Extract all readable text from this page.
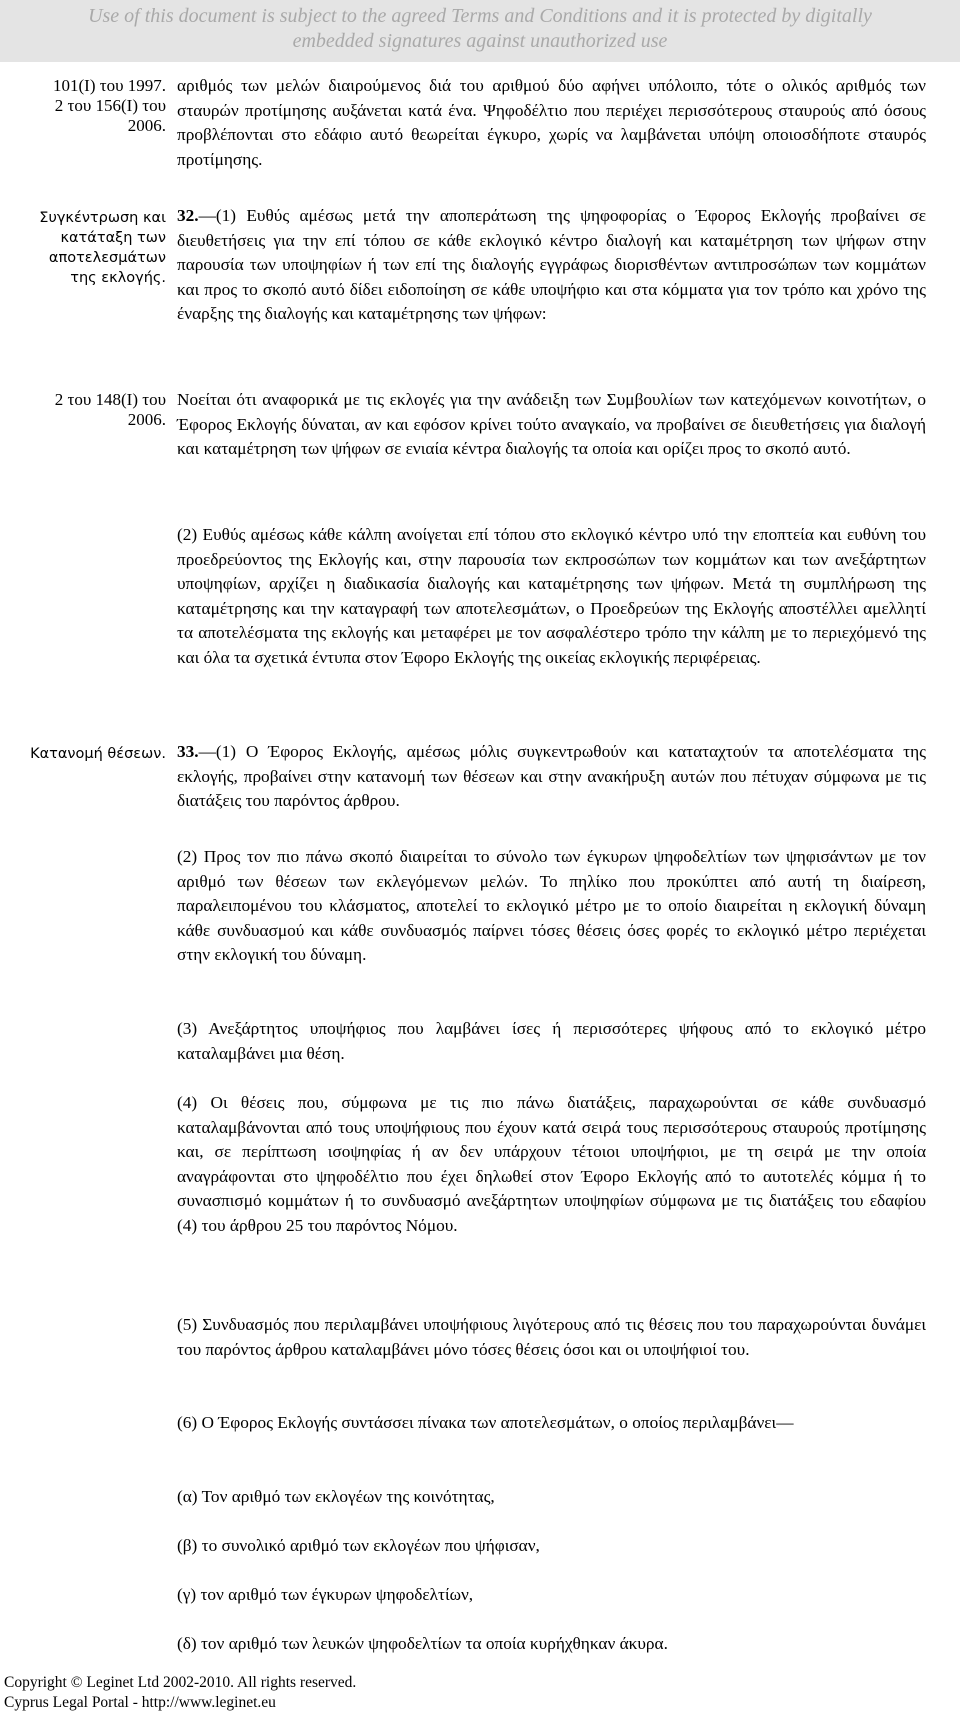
Use of this document is subject to the agreed Terms and Conditions and it is protected by digitally
embedded signatures against unauthorized use
101(Ι) του 1997.
2 του 156(Ι) του
2006.
αριθμός των μελών διαιρούμενος διά του αριθμού δύο αφήνει υπόλοιπο, τότε ο ολικός αριθμός των σταυρών προτίμησης αυξάνεται κατά ένα. Ψηφοδέλτιο που περιέχει περισσότερους σταυρούς από όσους προβλέπονται στο εδάφιο αυτό θεωρείται έγκυρο, χωρίς να λαμβάνεται υπόψη οποιοσδήποτε σταυρός προτίμησης.
Συγκέντρωση και
κατάταξη των
αποτελεσμάτων
της εκλογής.
32.—(1) Ευθύς αμέσως μετά την αποπεράτωση της ψηφοφορίας ο Έφορος Εκλογής προβαίνει σε διευθετήσεις για την επί τόπου σε κάθε εκλογικό κέντρο διαλογή και καταμέτρηση των ψήφων στην παρουσία των υποψηφίων ή των επί της διαλογής εγγράφως διορισθέντων αντιπροσώπων των κομμάτων και προς το σκοπό αυτό δίδει ειδοποίηση σε κάθε υποψήφιο και στα κόμματα για τον τρόπο και χρόνο της έναρξης της διαλογής και καταμέτρησης των ψήφων:
2 του 148(Ι) του
2006.
Νοείται ότι αναφορικά με τις εκλογές για την ανάδειξη των Συμβουλίων των κατεχόμενων κοινοτήτων, ο Έφορος Εκλογής δύναται, αν και εφόσον κρίνει τούτο αναγκαίο, να προβαίνει σε διευθετήσεις για διαλογή και καταμέτρηση των ψήφων σε ενιαία κέντρα διαλογής τα οποία και ορίζει προς το σκοπό αυτό.
(2) Ευθύς αμέσως κάθε κάλπη ανοίγεται επί τόπου στο εκλογικό κέντρο υπό την εποπτεία και ευθύνη του προεδρεύοντος της Εκλογής και, στην παρουσία των εκπροσώπων των κομμάτων και των ανεξάρτητων υποψηφίων, αρχίζει η διαδικασία διαλογής και καταμέτρησης των ψήφων. Μετά τη συμπλήρωση της καταμέτρησης και την καταγραφή των αποτελεσμάτων, ο Προεδρεύων της Εκλογής αποστέλλει αμελλητί τα αποτελέσματα της εκλογής και μεταφέρει με τον ασφαλέστερο τρόπο την κάλπη με το περιεχόμενό της και όλα τα σχετικά έντυπα στον Έφορο Εκλογής της οικείας εκλογικής περιφέρειας.
Κατανομή θέσεων. 33.—(1) Ο Έφορος Εκλογής, αμέσως μόλις συγκεντρωθούν και καταταχτούν τα αποτελέσματα της εκλογής, προβαίνει στην κατανομή των θέσεων και στην ανακήρυξη αυτών που πέτυχαν σύμφωνα με τις διατάξεις του παρόντος άρθρου.
(2) Προς τον πιο πάνω σκοπό διαιρείται το σύνολο των έγκυρων ψηφοδελτίων των ψηφισάντων με τον αριθμό των θέσεων των εκλεγόμενων μελών. Το πηλίκο που προκύπτει από αυτή τη διαίρεση, παραλειπομένου του κλάσματος, αποτελεί το εκλογικό μέτρο με το οποίο διαιρείται η εκλογική δύναμη κάθε συνδυασμού και κάθε συνδυασμός παίρνει τόσες θέσεις όσες φορές το εκλογικό μέτρο περιέχεται στην εκλογική του δύναμη.
(3) Ανεξάρτητος υποψήφιος που λαμβάνει ίσες ή περισσότερες ψήφους από το εκλογικό μέτρο καταλαμβάνει μια θέση.
(4) Οι θέσεις που, σύμφωνα με τις πιο πάνω διατάξεις, παραχωρούνται σε κάθε συνδυασμό καταλαμβάνονται από τους υποψήφιους που έχουν κατά σειρά τους περισσότερους σταυρούς προτίμησης και, σε περίπτωση ισοψηφίας ή αν δεν υπάρχουν τέτοιοι υποψήφιοι, με τη σειρά με την οποία αναγράφονται στο ψηφοδέλτιο που έχει δηλωθεί στον Έφορο Εκλογής από το αυτοτελές κόμμα ή το συνασπισμό κομμάτων ή το συνδυασμό ανεξάρτητων υποψηφίων σύμφωνα με τις διατάξεις του εδαφίου (4) του άρθρου 25 του παρόντος Νόμου.
(5) Συνδυασμός που περιλαμβάνει υποψήφιους λιγότερους από τις θέσεις που του παραχωρούνται δυνάμει του παρόντος άρθρου καταλαμβάνει μόνο τόσες θέσεις όσοι και οι υποψήφιοί του.
(6) Ο Έφορος Εκλογής συντάσσει πίνακα των αποτελεσμάτων, ο οποίος περιλαμβάνει—
(α) Τον αριθμό των εκλογέων της κοινότητας,
(β) το συνολικό αριθμό των εκλογέων που ψήφισαν,
(γ) τον αριθμό των έγκυρων ψηφοδελτίων,
(δ) τον αριθμό των λευκών ψηφοδελτίων τα οποία κυρήχθηκαν άκυρα.
Copyright © Leginet Ltd 2002-2010. All rights reserved.
Cyprus Legal Portal - http://www.leginet.eu
